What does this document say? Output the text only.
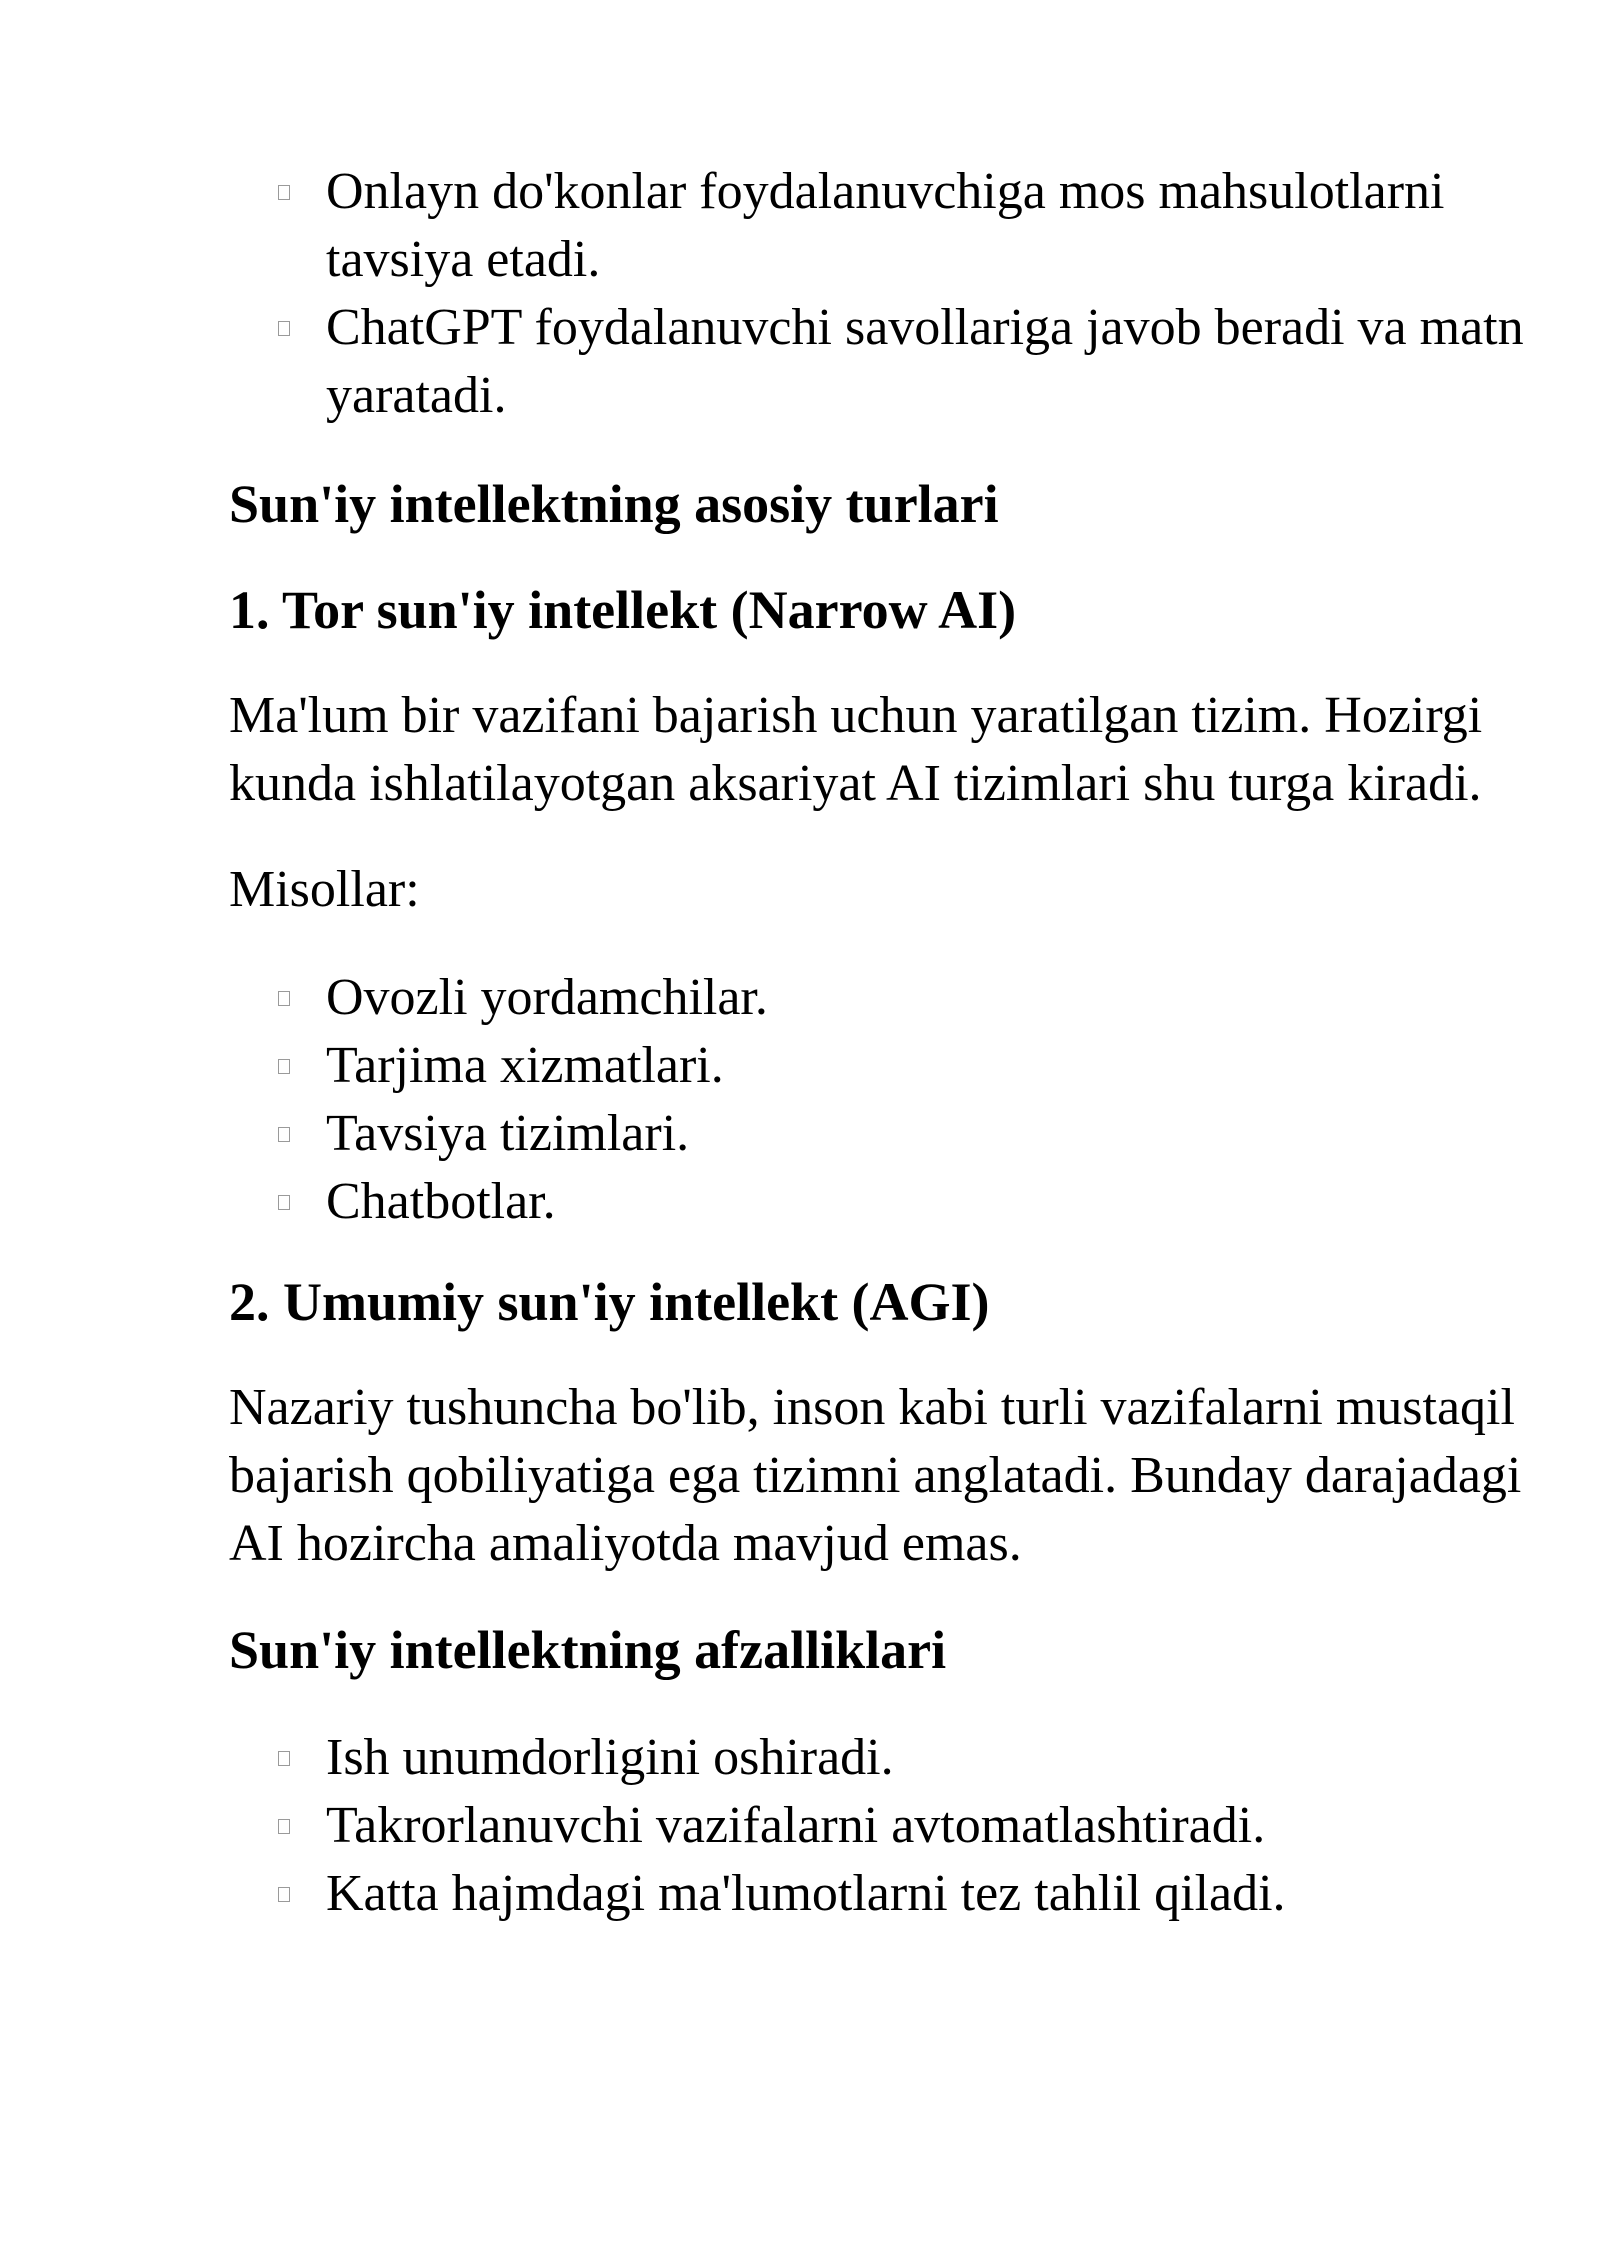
Onlayn do'konlar foydalanuvchiga mos mahsulotlarni tavsiya etadi.
ChatGPT foydalanuvchi savollariga javob beradi va matn yaratadi.
Sun'iy intellektning asosiy turlari
1. Tor sun'iy intellekt (Narrow AI)

Ma'lum bir vazifani bajarish uchun yaratilgan tizim. Hozirgi kunda ishlatilayotgan aksariyat AI tizimlari shu turga kiradi.

Misollar:

Ovozli yordamchilar.
Tarjima xizmatlari.
Tavsiya tizimlari.
Chatbotlar.
2. Umumiy sun'iy intellekt (AGI)

Nazariy tushuncha bo'lib, inson kabi turli vazifalarni mustaqil bajarish qobiliyatiga ega tizimni anglatadi. Bunday darajadagi AI hozircha amaliyotda mavjud emas.

Sun'iy intellektning afzalliklari
Ish unumdorligini oshiradi.
Takrorlanuvchi vazifalarni avtomatlashtiradi.
Katta hajmdagi ma'lumotlarni tez tahlil qiladi.
